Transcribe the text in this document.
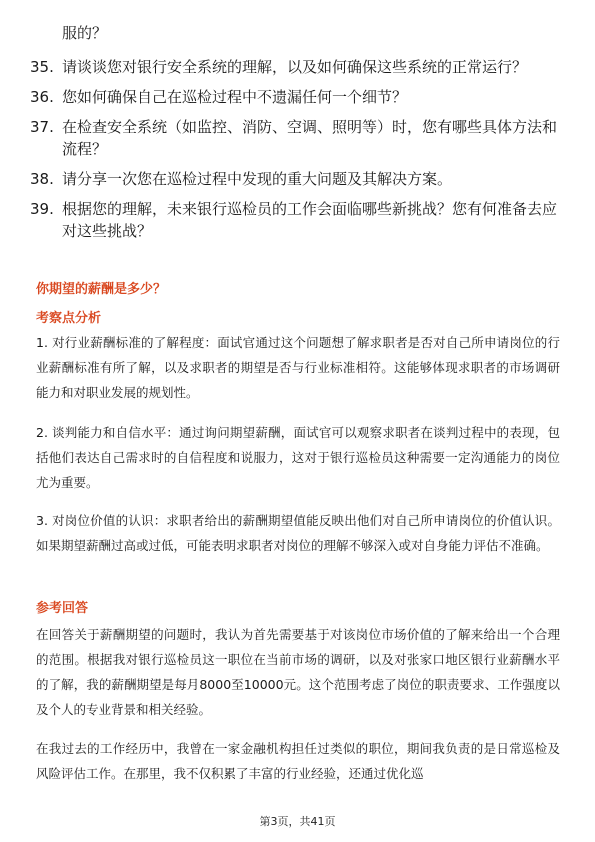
服的？
35. 请谈谈您对银行安全系统的理解，以及如何确保这些系统的正常运行？
36. 您如何确保自己在巡检过程中不遗漏任何一个细节？
37. 在检查安全系统（如监控、消防、空调、照明等）时，您有哪些具体方法和流程？
38. 请分享一次您在巡检过程中发现的重大问题及其解决方案。
39. 根据您的理解，未来银行巡检员的工作会面临哪些新挑战？您有何准备去应对这些挑战？
你期望的薪酬是多少？
考察点分析
1. 对行业薪酬标准的了解程度：面试官通过这个问题想了解求职者是否对自己所申请岗位的行业薪酬标准有所了解，以及求职者的期望是否与行业标准相符。这能够体现求职者的市场调研能力和对职业发展的规划性。
2. 谈判能力和自信水平：通过询问期望薪酬，面试官可以观察求职者在谈判过程中的表现，包括他们表达自己需求时的自信程度和说服力，这对于银行巡检员这种需要一定沟通能力的岗位尤为重要。
3. 对岗位价值的认识：求职者给出的薪酬期望值能反映出他们对自己所申请岗位的价值认识。如果期望薪酬过高或过低，可能表明求职者对岗位的理解不够深入或对自身能力评估不准确。
参考回答
在回答关于薪酬期望的问题时，我认为首先需要基于对该岗位市场价值的了解来给出一个合理的范围。根据我对银行巡检员这一职位在当前市场的调研，以及对张家口地区银行业薪酬水平的了解，我的薪酬期望是每月8000至10000元。这个范围考虑了岗位的职责要求、工作强度以及个人的专业背景和相关经验。
在我过去的工作经历中，我曾在一家金融机构担任过类似的职位，期间我负责的是日常巡检及风险评估工作。在那里，我不仅积累了丰富的行业经验，还通过优化巡
第3页，共41页
